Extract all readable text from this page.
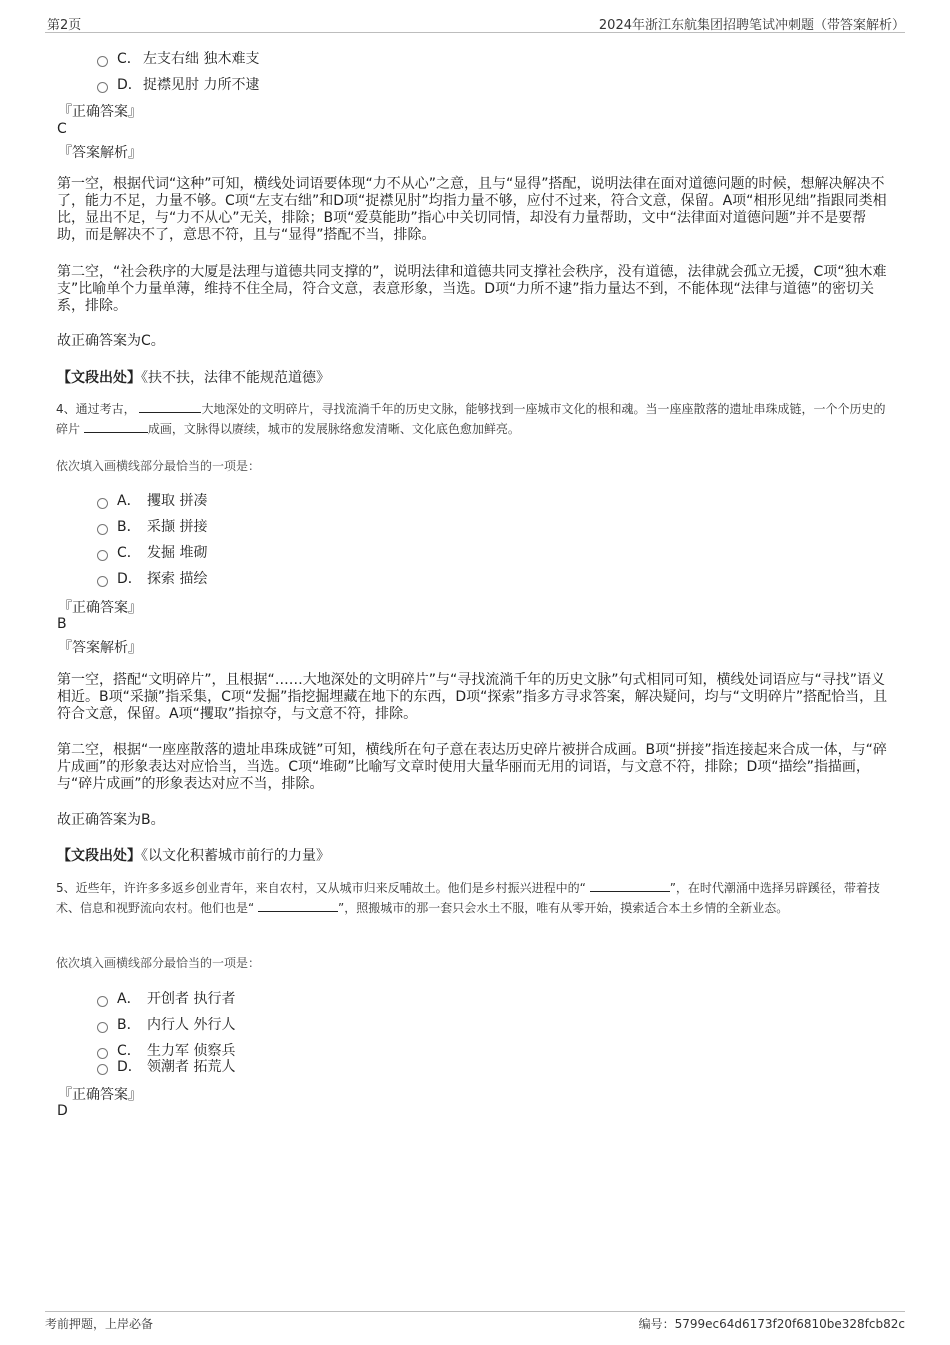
第2页	2024年浙江东航集团招聘笔试冲刺题（带答案解析）
C． 左支右绌 独木难支
D． 捉襟见肘 力所不逮
『正确答案』
C
『答案解析』
第一空，根据代词“这种”可知，横线处词语要体现“力不从心”之意，且与“显得”搭配，说明法律在面对道德问题的时候，想解决解决不了，能力不足，力量不够。C项“左支右绌”和D项“捉襟见肘”均指力量不够，应付不过来，符合文意，保留。A项“相形见绌”指跟同类相比，显出不足，与“力不从心”无关，排除；B项“爱莫能助”指心中关切同情，却没有力量帮助，文中“法律面对道德问题”并不是要帮助，而是解决不了，意思不符，且与“显得”搭配不当，排除。
第二空，“社会秩序的大厦是法理与道德共同支撑的”，说明法律和道德共同支撑社会秩序，没有道德，法律就会孤立无援，C项“独木难支”比喻单个力量单薄，维持不住全局，符合文意，表意形象，当选。D项“力所不逮”指力量达不到，不能体现“法律与道德”的密切关系，排除。
故正确答案为C。
【文段出处】《扶不扶，法律不能规范道德》
4、通过考古，	大地深处的文明碎片，寻找流淌千年的历史文脉，能够找到一座城市文化的根和魂。当一座座散落的遗址串珠成链，一个个历史的碎片	成画，文脉得以赓续，城市的发展脉络愈发清晰、文化底色愈加鲜亮。
依次填入画横线部分最恰当的一项是：
A． 攫取 拼凑
B． 采撷 拼接
C． 发掘 堆砌
D． 探索 描绘
『正确答案』
B
『答案解析』
第一空，搭配“文明碎片”，且根据“……大地深处的文明碎片”与“寻找流淌千年的历史文脉”句式相同可知，横线处词语应与“寻找”语义相近。B项“采撷”指采集，C项“发掘”指挖掘埋藏在地下的东西，D项“探索”指多方寻求答案，解决疑问，均与“文明碎片”搭配恰当，且符合文意，保留。A项“攫取”指掠夺，与文意不符，排除。
第二空，根据“一座座散落的遗址串珠成链”可知，横线所在句子意在表达历史碎片被拼合成画。B项“拼接”指连接起来合成一体，与“碎片成画”的形象表达对应恰当，当选。C项“堆砌”比喻写文章时使用大量华丽而无用的词语，与文意不符，排除；D项“描绘”指描画，与“碎片成画”的形象表达对应不当，排除。
故正确答案为B。
【文段出处】《以文化积蓄城市前行的力量》
5、近些年，许许多多返乡创业青年，来自农村，又从城市归来反哺故土。他们是乡村振兴进程中的“	”，在时代潮涌中选择另辟蹊径，带着技术、信息和视野流向农村。他们也是“	”，照搬城市的那一套只会水土不服，唯有从零开始，摸索适合本土乡情的全新业态。
依次填入画横线部分最恰当的一项是：
A． 开创者 执行者
B． 内行人 外行人
C． 生力军 侦察兵
D． 领潮者 拓荒人
『正确答案』
D
考前押题，上岸必备	编号：5799ec64d6173f20f6810be328fcb82c
